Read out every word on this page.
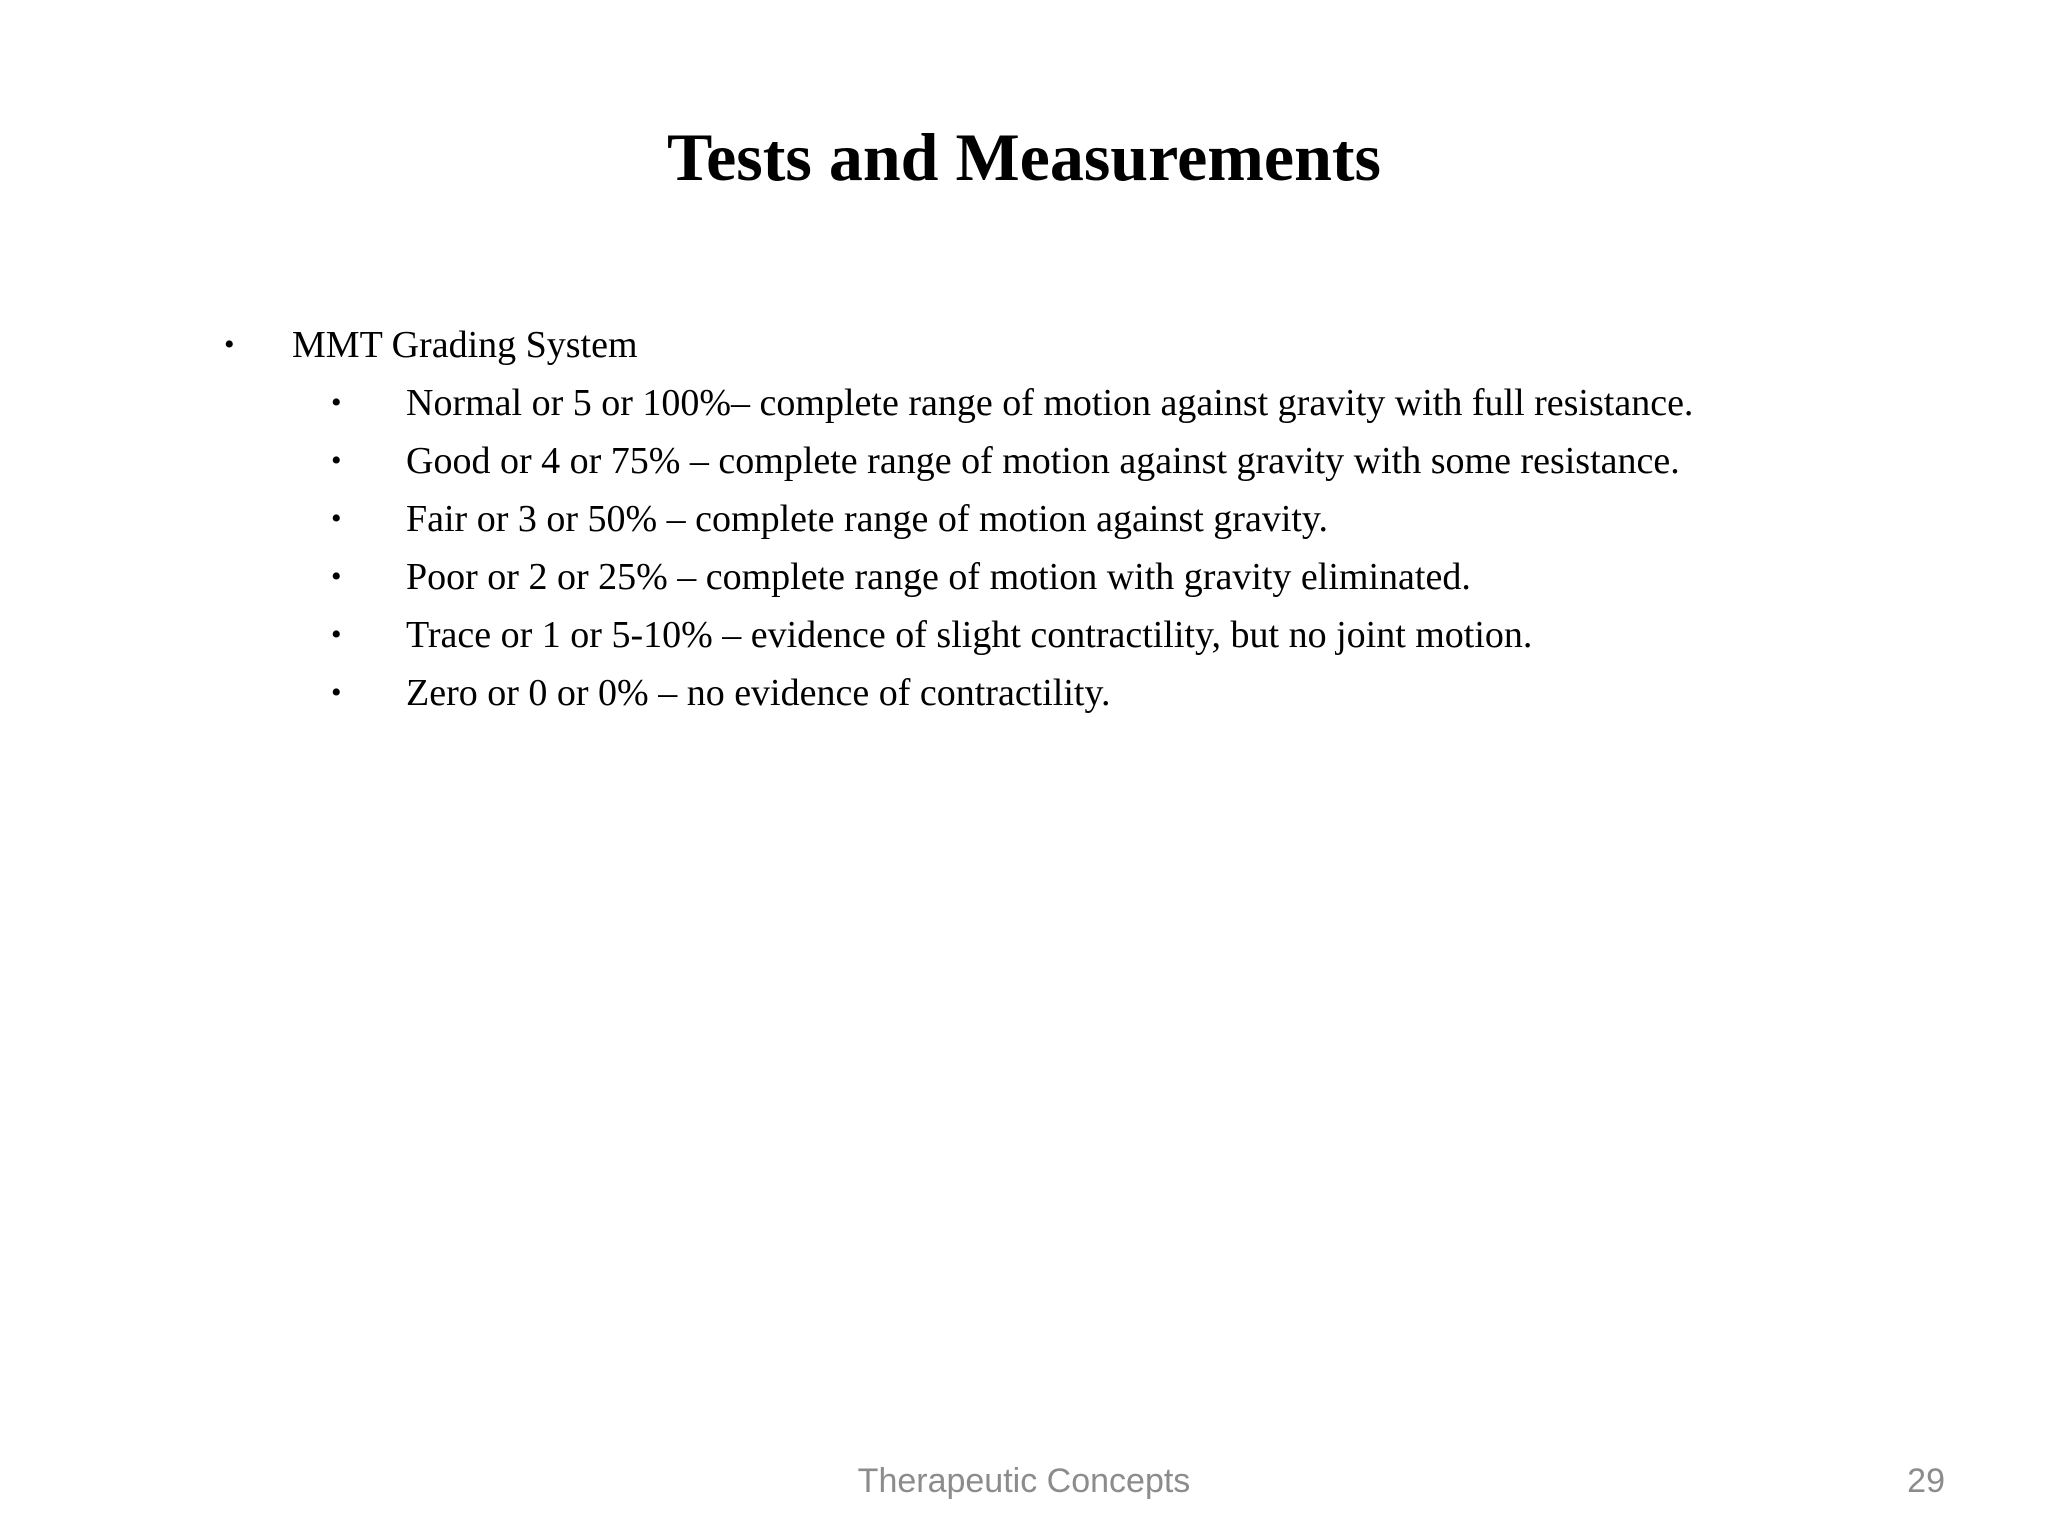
Tests and Measurements
• MMT Grading System
• Normal or 5 or 100%– complete range of motion against gravity with full resistance.
• Good or 4 or 75% – complete range of motion against gravity with some resistance.
• Fair or 3 or 50% – complete range of motion against gravity.
• Poor or 2 or 25% – complete range of motion with gravity eliminated.
• Trace or 1 or 5-10% – evidence of slight contractility, but no joint motion.
• Zero or 0 or 0% – no evidence of contractility.
Therapeutic Concepts	29
